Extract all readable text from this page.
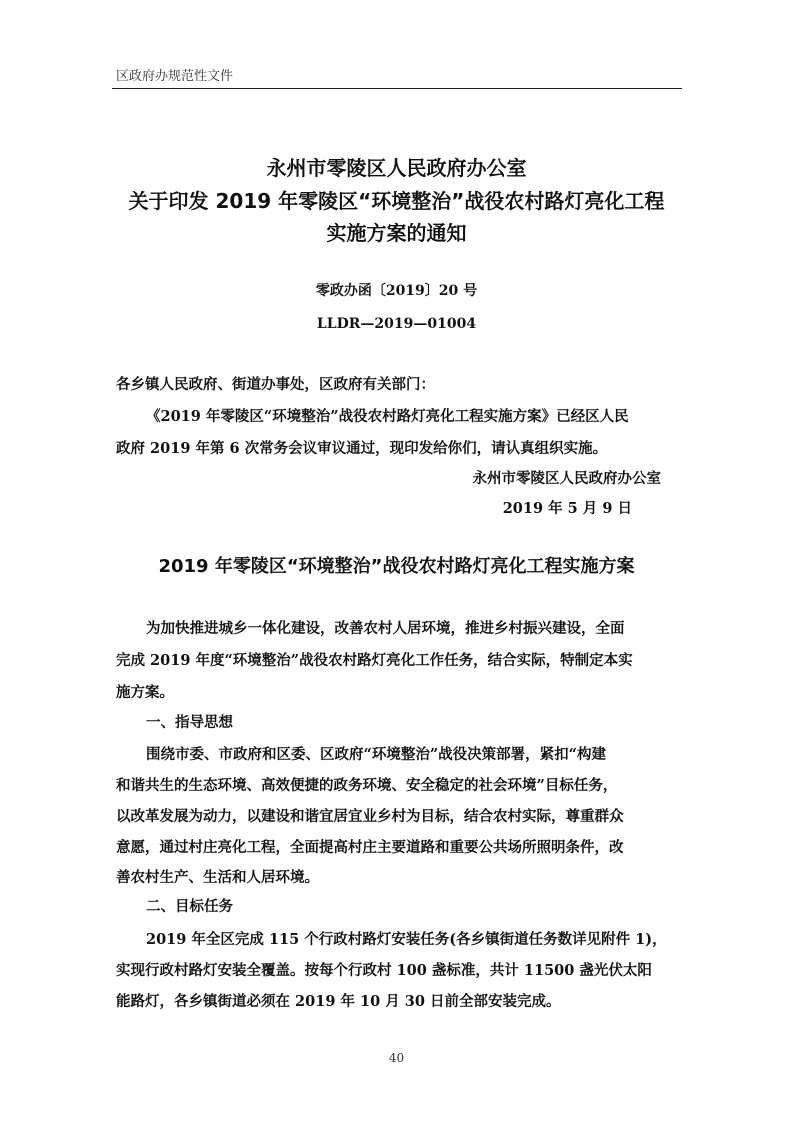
区政府办规范性文件
永州市零陵区人民政府办公室
关于印发 2019 年零陵区“环境整治”战役农村路灯亮化工程
实施方案的通知
零政办函〔2019〕20 号
LLDR—2019—01004
各乡镇人民政府、街道办事处，区政府有关部门：
《2019 年零陵区“环境整治”战役农村路灯亮化工程实施方案》已经区人民
政府 2019 年第 6 次常务会议审议通过，现印发给你们，请认真组织实施。
永州市零陵区人民政府办公室
2019 年 5 月 9 日
2019 年零陵区“环境整治”战役农村路灯亮化工程实施方案
为加快推进城乡一体化建设，改善农村人居环境，推进乡村振兴建设，全面
完成 2019 年度“环境整治”战役农村路灯亮化工作任务，结合实际，特制定本实
施方案。
一、指导思想
围绕市委、市政府和区委、区政府“环境整治”战役决策部署，紧扣“构建
和谐共生的生态环境、高效便捷的政务环境、安全稳定的社会环境”目标任务，
以改革发展为动力，以建设和谐宜居宜业乡村为目标，结合农村实际，尊重群众
意愿，通过村庄亮化工程，全面提高村庄主要道路和重要公共场所照明条件，改
善农村生产、生活和人居环境。
二、目标任务
2019 年全区完成 115 个行政村路灯安装任务(各乡镇街道任务数详见附件 1)，
实现行政村路灯安装全覆盖。按每个行政村 100 盏标准，共计 11500 盏光伏太阳
能路灯，各乡镇街道必须在 2019 年 10 月 30 日前全部安装完成。
40
